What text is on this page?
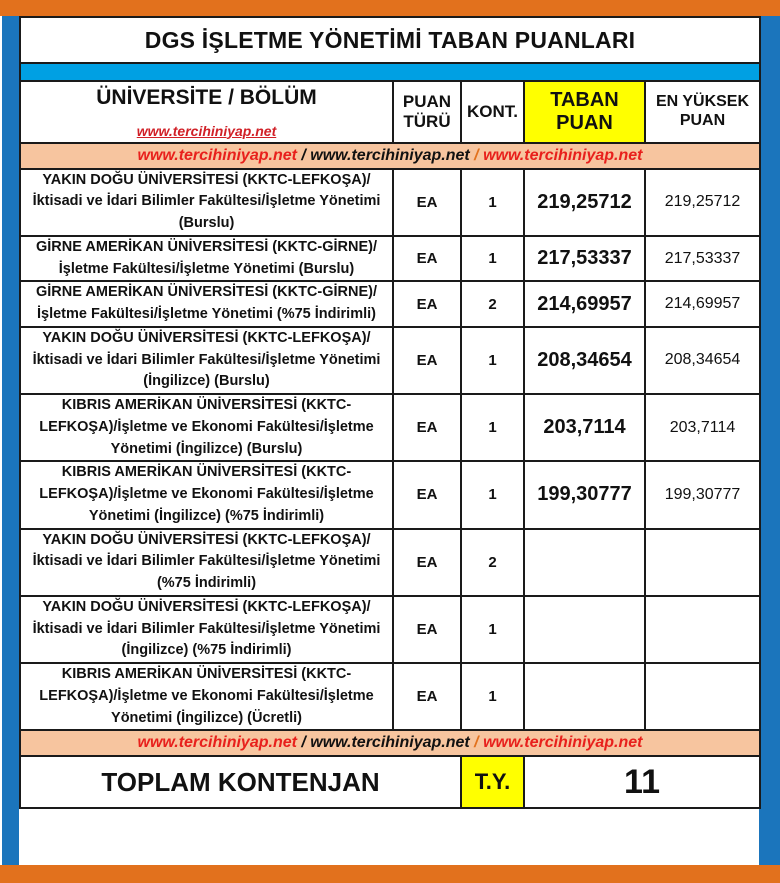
DGS İŞLETME YÖNETİMİ TABAN PUANLARI				

ÜNİVERSİTE / BÖLÜM
www.tercihiniyap.net	PUAN TÜRÜ	KONT.	TABAN PUAN	EN YÜKSEK PUAN
www.tercihiniyap.net / www.tercihiniyap.net / www.tercihiniyap.net				
YAKIN DOĞU ÜNİVERSİTESİ (KKTC-LEFKOŞA)/İktisadi ve İdari Bilimler Fakültesi/İşletme Yönetimi (Burslu)	EA	1	219,25712	219,25712
GİRNE AMERİKAN ÜNİVERSİTESİ (KKTC-GİRNE)/İşletme Fakültesi/İşletme Yönetimi (Burslu)	EA	1	217,53337	217,53337
GİRNE AMERİKAN ÜNİVERSİTESİ (KKTC-GİRNE)/İşletme Fakültesi/İşletme Yönetimi (%75 İndirimli)	EA	2	214,69957	214,69957
YAKIN DOĞU ÜNİVERSİTESİ (KKTC-LEFKOŞA)/İktisadi ve İdari Bilimler Fakültesi/İşletme Yönetimi (İngilizce) (Burslu)	EA	1	208,34654	208,34654
KIBRIS AMERİKAN ÜNİVERSİTESİ (KKTC-LEFKOŞA)/İşletme ve Ekonomi Fakültesi/İşletme Yönetimi (İngilizce) (Burslu)	EA	1	203,7114	203,7114
KIBRIS AMERİKAN ÜNİVERSİTESİ (KKTC-LEFKOŞA)/İşletme ve Ekonomi Fakültesi/İşletme Yönetimi (İngilizce) (%75 İndirimli)	EA	1	199,30777	199,30777
YAKIN DOĞU ÜNİVERSİTESİ (KKTC-LEFKOŞA)/İktisadi ve İdari Bilimler Fakültesi/İşletme Yönetimi (%75 İndirimli)	EA	2		
YAKIN DOĞU ÜNİVERSİTESİ (KKTC-LEFKOŞA)/İktisadi ve İdari Bilimler Fakültesi/İşletme Yönetimi (İngilizce) (%75 İndirimli)	EA	1		
KIBRIS AMERİKAN ÜNİVERSİTESİ (KKTC-LEFKOŞA)/İşletme ve Ekonomi Fakültesi/İşletme Yönetimi (İngilizce) (Ücretli)	EA	1		
www.tercihiniyap.net / www.tercihiniyap.net / www.tercihiniyap.net				
TOPLAM KONTENJAN		T.Y.	11	
